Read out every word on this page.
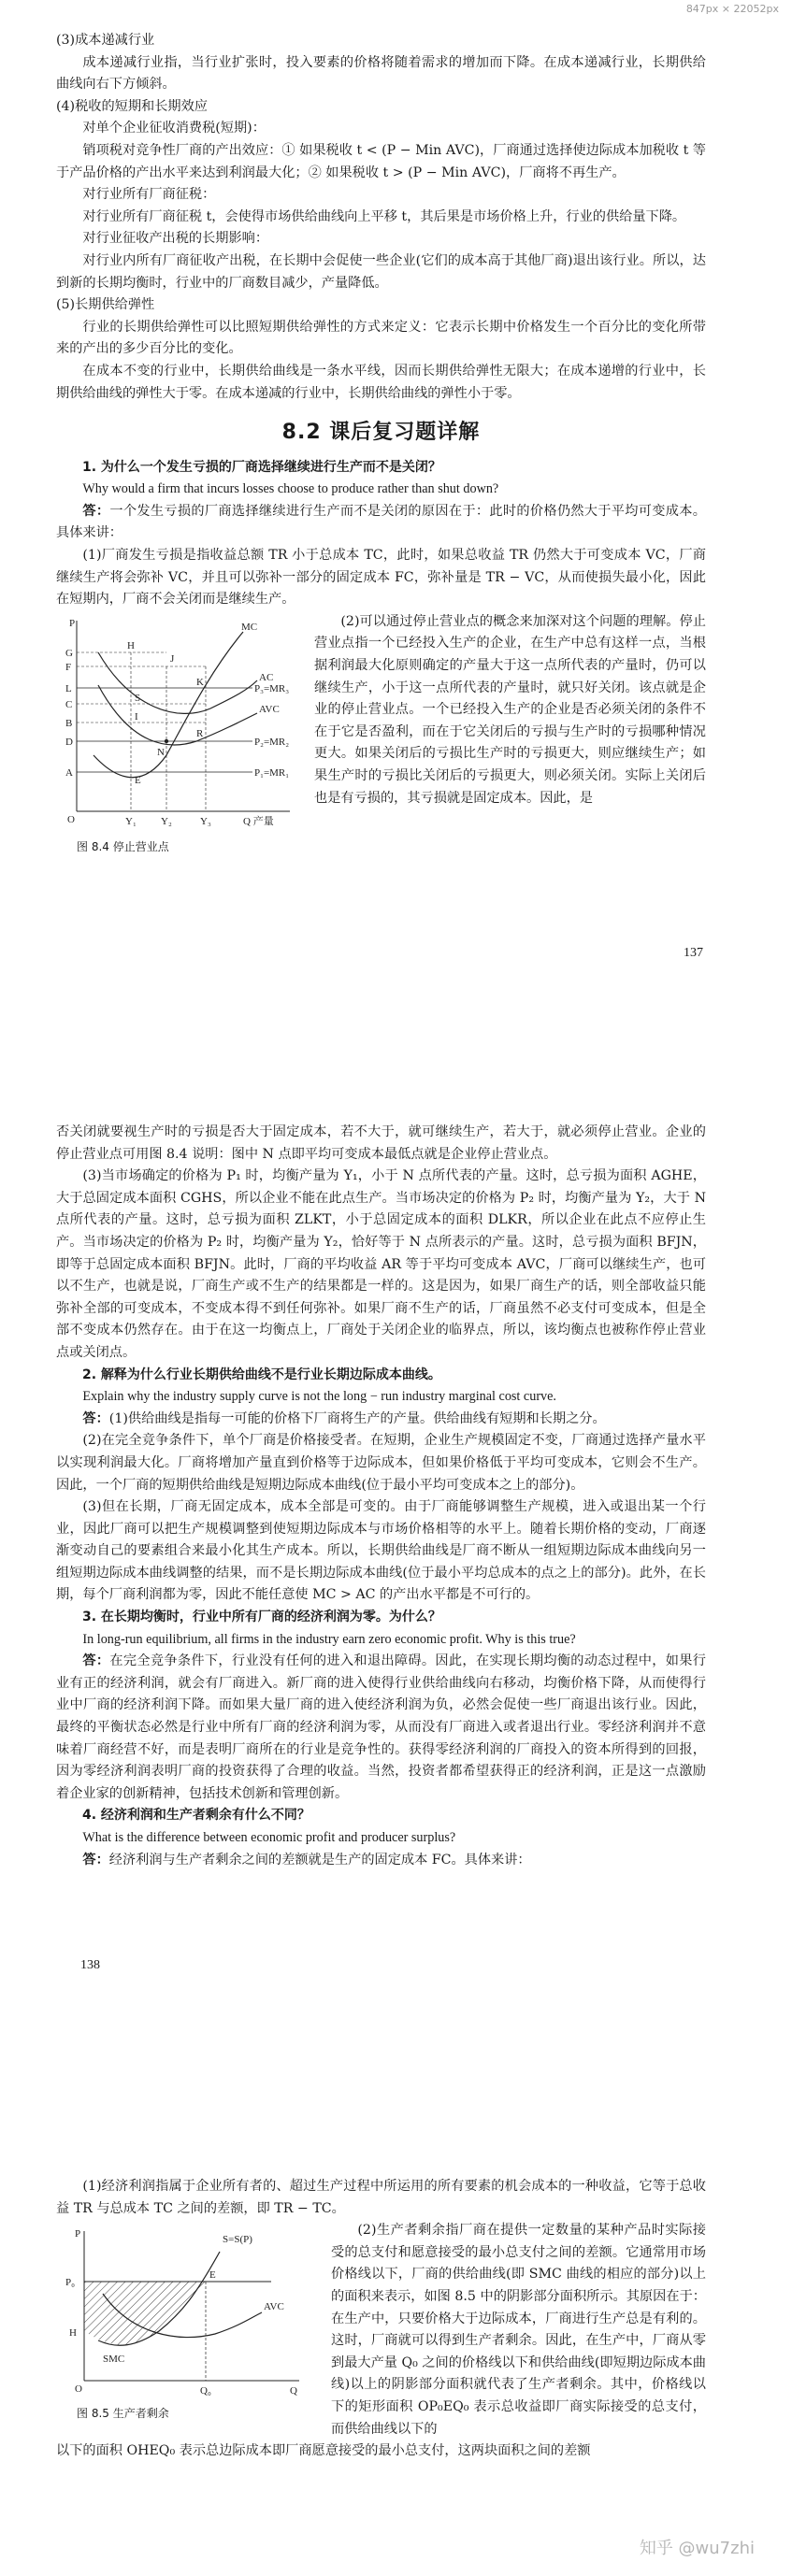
847px × 22052px

(3)成本递减行业

成本递减行业指，当行业扩张时，投入要素的价格将随着需求的增加而下降。在成本递减行业，长期供给曲线向右下方倾斜。

(4)税收的短期和长期效应

对单个企业征收消费税(短期)：

销项税对竞争性厂商的产出效应：① 如果税收 t < (P − Min AVC)，厂商通过选择使边际成本加税收 t 等于产品价格的产出水平来达到利润最大化；② 如果税收 t > (P − Min AVC)，厂商将不再生产。

对行业所有厂商征税：

对行业所有厂商征税 t，会使得市场供给曲线向上平移 t，其后果是市场价格上升，行业的供给量下降。

对行业征收产出税的长期影响：

对行业内所有厂商征收产出税，在长期中会促使一些企业(它们的成本高于其他厂商)退出该行业。所以，达到新的长期均衡时，行业中的厂商数目减少，产量降低。

(5)长期供给弹性

行业的长期供给弹性可以比照短期供给弹性的方式来定义：它表示长期中价格发生一个百分比的变化所带来的产出的多少百分比的变化。

在成本不变的行业中，长期供给曲线是一条水平线，因而长期供给弹性无限大；在成本递增的行业中，长期供给曲线的弹性大于零。在成本递减的行业中，长期供给曲线的弹性小于零。

8.2 课后复习题详解

1. 为什么一个发生亏损的厂商选择继续进行生产而不是关闭？

Why would a firm that incurs losses choose to produce rather than shut down?

答：一个发生亏损的厂商选择继续进行生产而不是关闭的原因在于：此时的价格仍然大于平均可变成本。具体来讲：

(1)厂商发生亏损是指收益总额 TR 小于总成本 TC，此时，如果总收益 TR 仍然大于可变成本 VC，厂商继续生产将会弥补 VC，并且可以弥补一部分的固定成本 FC，弥补量是 TR − VC，从而使损失最小化，因此在短期内，厂商不会关闭而是继续生产。

P	MC
AC
AVC
P₃=MR₃
P₂=MR₂
P₁=MR₁
G
F
L
C
B
A
D
H
J
K
I
S
E
R
N
O	Y₁ Y₂	Y₃	Q 产量
图 8.4 停止营业点

(2)可以通过停止营业点的概念来加深对这个问题的理解。停止营业点指一个已经投入生产的企业，在生产中总有这样一点，当根据利润最大化原则确定的产量大于这一点所代表的产量时，仍可以继续生产，小于这一点所代表的产量时，就只好关闭。该点就是企业的停止营业点。一个已经投入生产的企业是否必须关闭的条件不在于它是否盈利，而在于它关闭后的亏损与生产时的亏损哪种情况更大。如果关闭后的亏损比生产时的亏损更大，则应继续生产；如果生产时的亏损比关闭后的亏损更大，则必须关闭。实际上关闭后也是有亏损的，其亏损就是固定成本。因此，是

137

否关闭就要视生产时的亏损是否大于固定成本，若不大于，就可继续生产，若大于，就必须停止营业。企业的停止营业点可用图 8.4 说明：图中 N 点即平均可变成本最低点就是企业停止营业点。

(3)当市场确定的价格为 P₁ 时，均衡产量为 Y₁，小于 N 点所代表的产量。这时，总亏损为面积 AGHE，大于总固定成本面积 CGHS，所以企业不能在此点生产。当市场决定的价格为 P₂ 时，均衡产量为 Y₂，大于 N 点所代表的产量。这时，总亏损为面积 ZLKT，小于总固定成本的面积 DLKR，所以企业在此点不应停止生产。当市场决定的价格为 P₂ 时，均衡产量为 Y₂，恰好等于 N 点所表示的产量。这时，总亏损为面积 BFJN，即等于总固定成本面积 BFJN。此时，厂商的平均收益 AR 等于平均可变成本 AVC，厂商可以继续生产，也可以不生产，也就是说，厂商生产或不生产的结果都是一样的。这是因为，如果厂商生产的话，则全部收益只能弥补全部的可变成本，不变成本得不到任何弥补。如果厂商不生产的话，厂商虽然不必支付可变成本，但是全部不变成本仍然存在。由于在这一均衡点上，厂商处于关闭企业的临界点，所以，该均衡点也被称作停止营业点或关闭点。

2. 解释为什么行业长期供给曲线不是行业长期边际成本曲线。

Explain why the industry supply curve is not the long − run industry marginal cost curve.

答：(1)供给曲线是指每一可能的价格下厂商将生产的产量。供给曲线有短期和长期之分。

(2)在完全竞争条件下，单个厂商是价格接受者。在短期，企业生产规模固定不变，厂商通过选择产量水平以实现利润最大化。厂商将增加产量直到价格等于边际成本，但如果价格低于平均可变成本，它则会不生产。因此，一个厂商的短期供给曲线是短期边际成本曲线(位于最小平均可变成本之上的部分)。

(3)但在长期，厂商无固定成本，成本全部是可变的。由于厂商能够调整生产规模，进入或退出某一个行业，因此厂商可以把生产规模调整到使短期边际成本与市场价格相等的水平上。随着长期价格的变动，厂商逐渐变动自己的要素组合来最小化其生产成本。所以，长期供给曲线是厂商不断从一组短期边际成本曲线向另一组短期边际成本曲线调整的结果，而不是长期边际成本曲线(位于最小平均总成本的点之上的部分)。此外，在长期，每个厂商利润都为零，因此不能任意使 MC > AC 的产出水平都是不可行的。

3. 在长期均衡时，行业中所有厂商的经济利润为零。为什么？

In long-run equilibrium, all firms in the industry earn zero economic profit. Why is this true?

答：在完全竞争条件下，行业没有任何的进入和退出障碍。因此，在实现长期均衡的动态过程中，如果行业有正的经济利润，就会有厂商进入。新厂商的进入使得行业供给曲线向右移动，均衡价格下降，从而使得行业中厂商的经济利润下降。而如果大量厂商的进入使经济利润为负，必然会促使一些厂商退出该行业。因此，最终的平衡状态必然是行业中所有厂商的经济利润为零，从而没有厂商进入或者退出行业。零经济利润并不意味着厂商经营不好，而是表明厂商所在的行业是竞争性的。获得零经济利润的厂商投入的资本所得到的回报，因为零经济利润表明厂商的投资获得了合理的收益。当然，投资者都希望获得正的经济利润，正是这一点激励着企业家的创新精神，包括技术创新和管理创新。

4. 经济利润和生产者剩余有什么不同？

What is the difference between economic profit and producer surplus?

答：经济利润与生产者剩余之间的差额就是生产的固定成本 FC。具体来讲：

138

(1)经济利润指属于企业所有者的、超过生产过程中所运用的所有要素的机会成本的一种收益，它等于总收益 TR 与总成本 TC 之间的差额，即 TR − TC。

S=S(P)
P
P₀
E
AVC
SMC
H
O	Q₀	Q
图 8.5 生产者剩余

(2)生产者剩余指厂商在提供一定数量的某种产品时实际接受的总支付和愿意接受的最小总支付之间的差额。它通常用市场价格线以下，厂商的供给曲线(即 SMC 曲线的相应的部分)以上的面积来表示，如图 8.5 中的阴影部分面积所示。其原因在于：在生产中，只要价格大于边际成本，厂商进行生产总是有利的。这时，厂商就可以得到生产者剩余。因此，在生产中，厂商从零到最大产量 Q₀ 之间的价格线以下和供给曲线(即短期边际成本曲线)以上的阴影部分面积就代表了生产者剩余。其中，价格线以下的矩形面积 OP₀EQ₀ 表示总收益即厂商实际接受的总支付，而供给曲线以下的

以下的面积 OHEQ₀ 表示总边际成本即厂商愿意接受的最小总支付，这两块面积之间的差额

知乎 @wu7zhi
